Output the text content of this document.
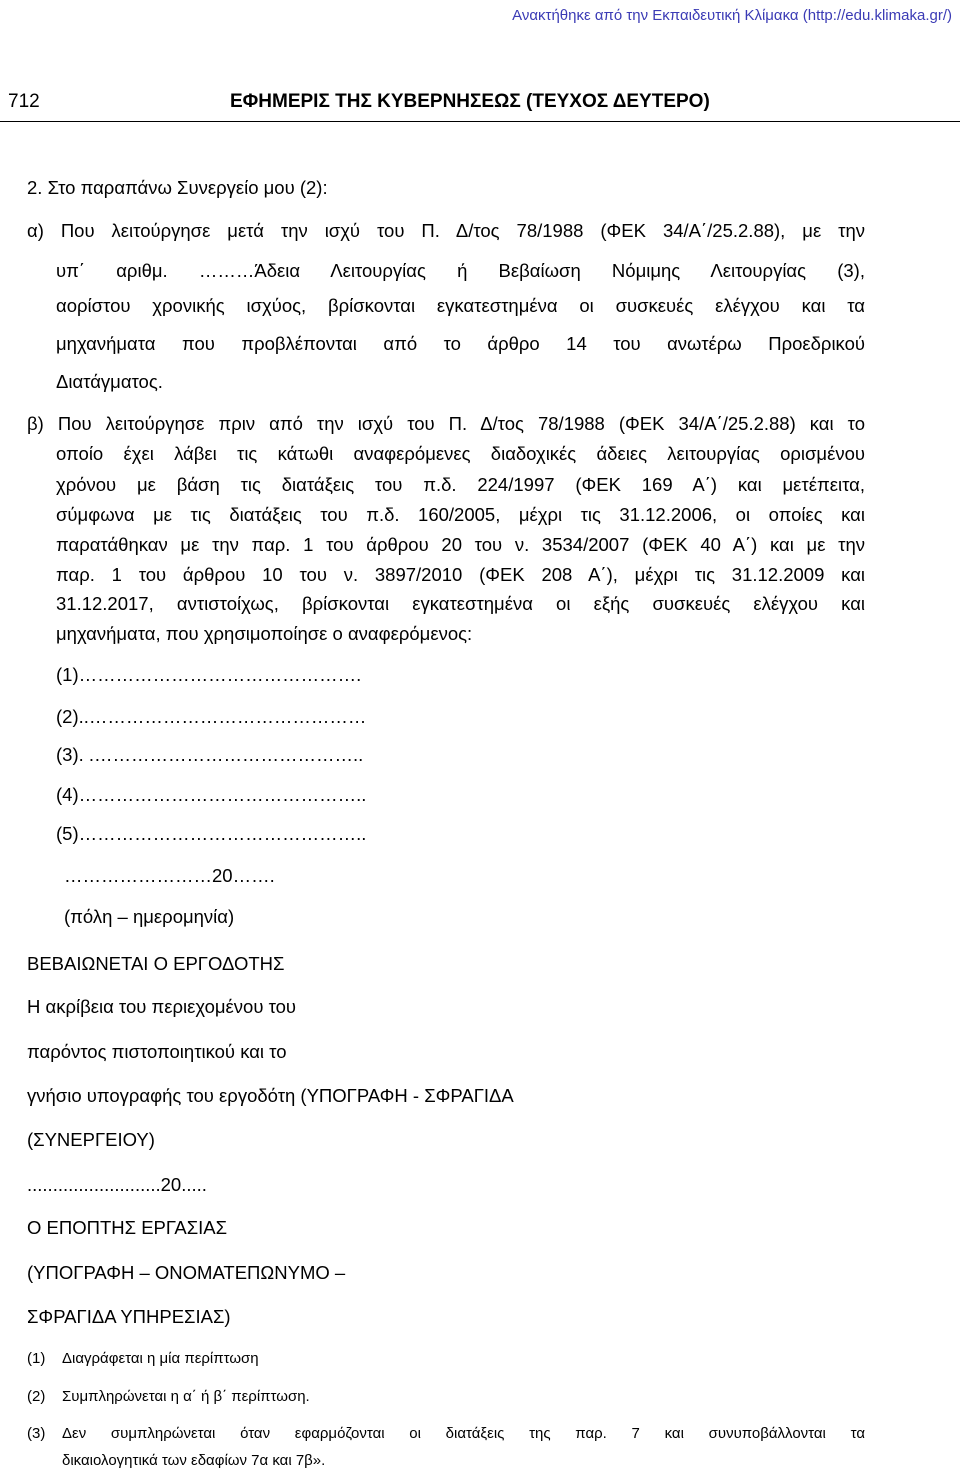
Ανακτήθηκε από την Εκπαιδευτική Κλίμακα (http://edu.klimaka.gr/)
712	ΕΦΗΜΕΡΙΣ ΤΗΣ ΚΥΒΕΡΝΗΣΕΩΣ (ΤΕΥΧΟΣ ΔΕΥΤΕΡΟ)
2. Στο παραπάνω Συνεργείο μου (2):
α) Που λειτούργησε μετά την ισχύ του Π. Δ/τος 78/1988 (ΦΕΚ 34/Α΄/25.2.88), με την
υπ΄ αριθμ. ………Άδεια Λειτουργίας ή Βεβαίωση Νόμιμης Λειτουργίας (3),
αορίστου χρονικής ισχύος, βρίσκονται εγκατεστημένα οι συσκευές ελέγχου και τα
μηχανήματα που προβλέπονται από το άρθρο 14 του ανωτέρω Προεδρικού
Διατάγματος.
β) Που λειτούργησε πριν από την ισχύ του Π. Δ/τος 78/1988 (ΦΕΚ 34/Α΄/25.2.88) και το
οποίο έχει λάβει τις κάτωθι αναφερόμενες διαδοχικές άδειες λειτουργίας ορισμένου
χρόνου με βάση τις διατάξεις του π.δ. 224/1997 (ΦΕΚ 169 Α΄) και μετέπειτα,
σύμφωνα με τις διατάξεις του π.δ. 160/2005, μέχρι τις 31.12.2006, οι οποίες και
παρατάθηκαν με την παρ. 1 του άρθρου 20 του ν. 3534/2007 (ΦΕΚ 40 Α΄) και με την
παρ. 1 του άρθρου 10 του ν. 3897/2010 (ΦΕΚ 208 Α΄), μέχρι τις 31.12.2009 και
31.12.2017, αντιστοίχως, βρίσκονται εγκατεστημένα οι εξής συσκευές ελέγχου και
μηχανήματα, που χρησιμοποίησε ο αναφερόμενος:
(1)……………………………………….
(2)..………………………………………
(3). .……………………………………..
(4)………………………………………..
(5)………………………………………..
……………………20…….
(πόλη – ημερομηνία)
ΒΕΒΑΙΩΝΕΤΑΙ Ο ΕΡΓΟΔΟΤΗΣ
Η ακρίβεια του περιεχομένου του
παρόντος πιστοποιητικού και το
γνήσιο υπογραφής του εργοδότη (ΥΠΟΓΡΑΦΗ - ΣΦΡΑΓΙΔΑ
(ΣΥΝΕΡΓΕΙΟΥ)
..........................20.....
Ο ΕΠΟΠΤΗΣ ΕΡΓΑΣΙΑΣ
(ΥΠΟΓΡΑΦΗ – ΟΝΟΜΑΤΕΠΩΝΥΜΟ –
ΣΦΡΑΓΙΔΑ ΥΠΗΡΕΣΙΑΣ)
(1) Διαγράφεται η μία περίπτωση
(2) Συμπληρώνεται η α΄ ή β΄ περίπτωση.
(3) Δεν συμπληρώνεται όταν εφαρμόζονται οι διατάξεις της παρ. 7 και συνυποβάλλονται τα
δικαιολογητικά των εδαφίων 7α και 7β».
